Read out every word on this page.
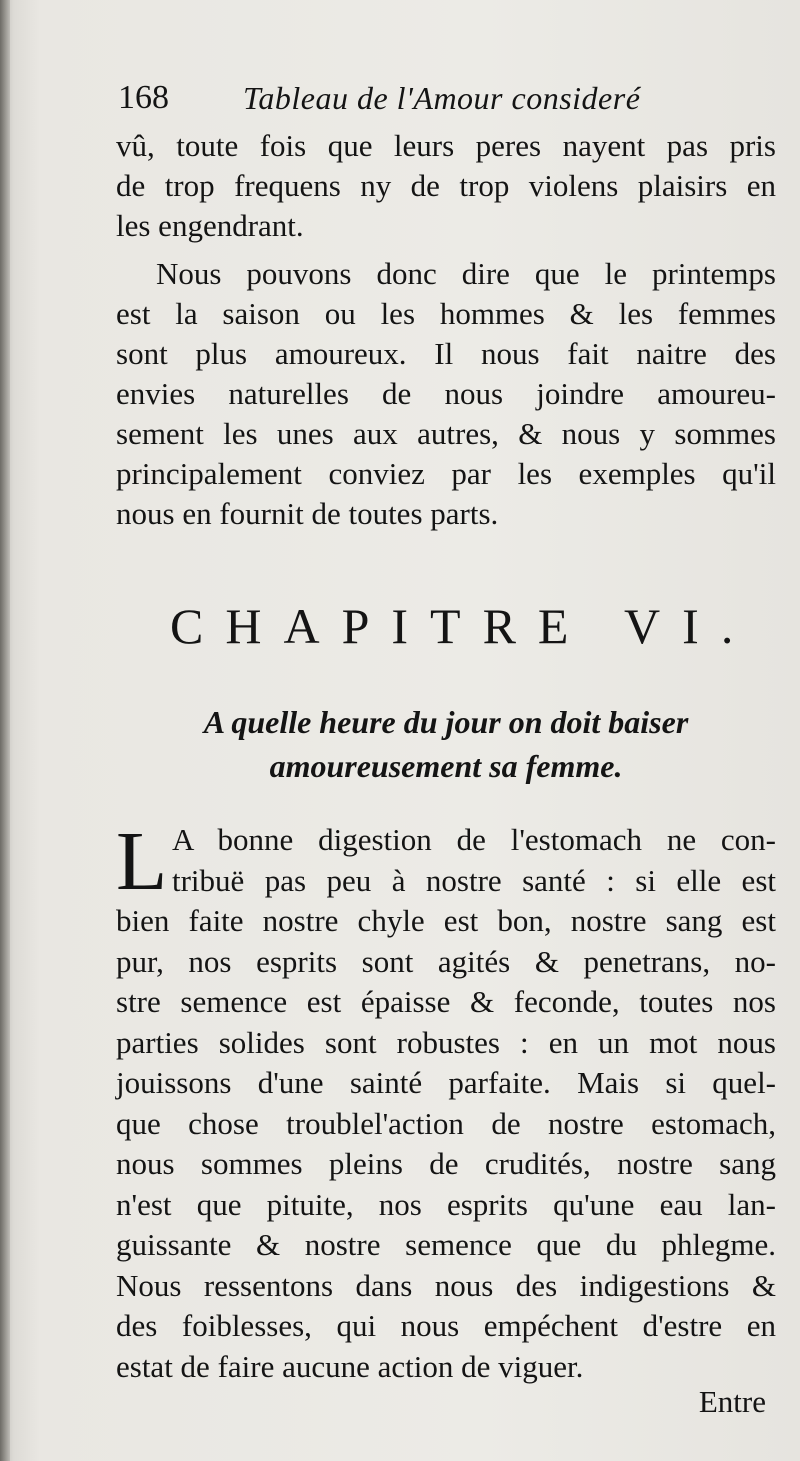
168 Tableau de l'Amour consideré
vû, toute fois que leurs peres nayent pas pris
de trop frequens ny de trop violens plaisirs en
les engendrant.
Nous pouvons donc dire que le printemps
est la saison ou les hommes & les femmes
sont plus amoureux. Il nous fait naitre des
envies naturelles de nous joindre amoureu-
sement les unes aux autres, & nous y sommes
principalement conviez par les exemples qu'il
nous en fournit de toutes parts.
CHAPITRE VI.
A quelle heure du jour on doit baiser
amoureusement sa femme.
L A bonne digestion de l'estomach ne con-
tribuë pas peu à nostre santé : si elle est
bien faite nostre chyle est bon, nostre sang est
pur, nos esprits sont agités & penetrans, no-
stre semence est épaisse & feconde, toutes nos
parties solides sont robustes : en un mot nous
jouissons d'une sainté parfaite. Mais si quel-
que chose troublel'action de nostre estomach,
nous sommes pleins de crudités, nostre sang
n'est que pituite, nos esprits qu'une eau lan-
guissante & nostre semence que du phlegme.
Nous ressentons dans nous des indigestions &
des foiblesses, qui nous empéchent d'estre en
estat de faire aucune action de viguer.
Entre
